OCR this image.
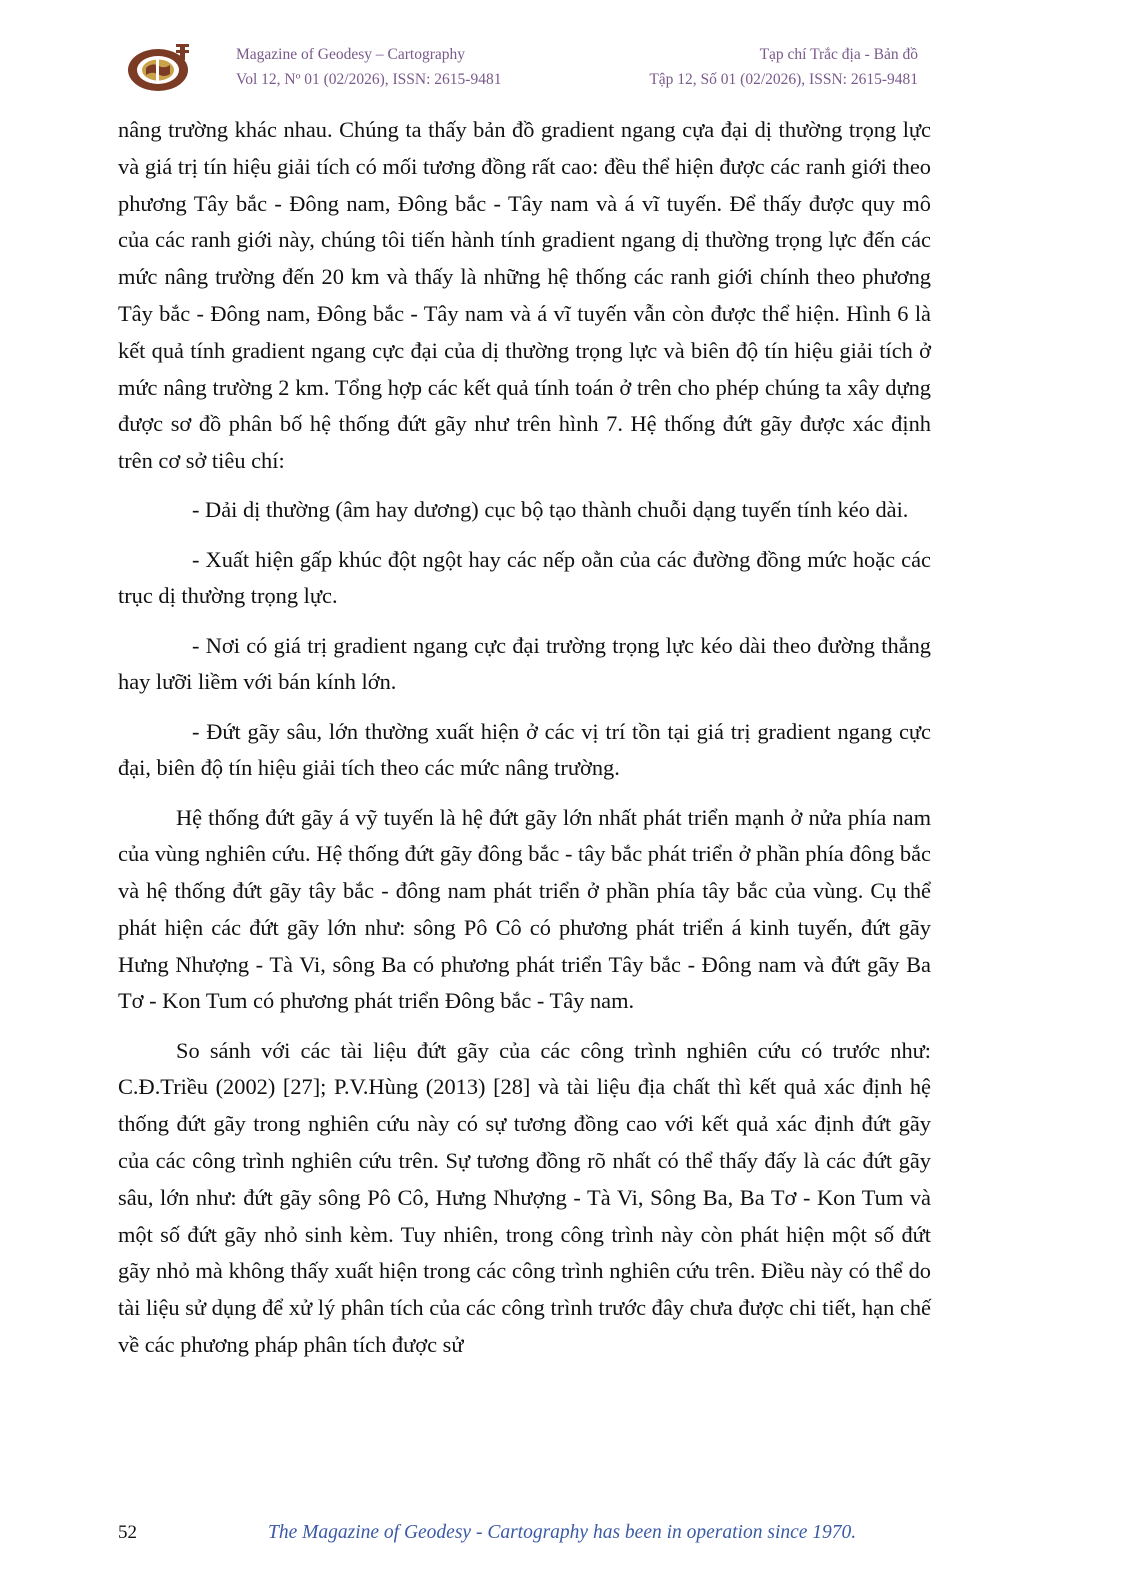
Magazine of Geodesy – Cartography
Vol 12, Nº 01 (02/2026), ISSN: 2615-9481
Tạp chí Trắc địa - Bản đồ
Tập 12, Số 01 (02/2026), ISSN: 2615-9481

nâng trường khác nhau. Chúng ta thấy bản đồ gradient ngang cựa đại dị thường trọng lực và giá trị tín hiệu giải tích có mối tương đồng rất cao: đều thể hiện được các ranh giới theo phương Tây bắc - Đông nam, Đông bắc - Tây nam và á vĩ tuyến. Để thấy được quy mô của các ranh giới này, chúng tôi tiến hành tính gradient ngang dị thường trọng lực đến các mức nâng trường đến 20 km và thấy là những hệ thống các ranh giới chính theo phương Tây bắc - Đông nam, Đông bắc - Tây nam và á vĩ tuyến vẫn còn được thể hiện. Hình 6 là kết quả tính gradient ngang cực đại của dị thường trọng lực và biên độ tín hiệu giải tích ở mức nâng trường 2 km. Tổng hợp các kết quả tính toán ở trên cho phép chúng ta xây dựng được sơ đồ phân bố hệ thống đứt gãy như trên hình 7. Hệ thống đứt gãy được xác định trên cơ sở tiêu chí:

- Dải dị thường (âm hay dương) cục bộ tạo thành chuỗi dạng tuyến tính kéo dài.

- Xuất hiện gấp khúc đột ngột hay các nếp oằn của các đường đồng mức hoặc các trục dị thường trọng lực.

- Nơi có giá trị gradient ngang cực đại trường trọng lực kéo dài theo đường thẳng hay lưỡi liềm với bán kính lớn.

- Đứt gãy sâu, lớn thường xuất hiện ở các vị trí tồn tại giá trị gradient ngang cực đại, biên độ tín hiệu giải tích theo các mức nâng trường.

Hệ thống đứt gãy á vỹ tuyến là hệ đứt gãy lớn nhất phát triển mạnh ở nửa phía nam của vùng nghiên cứu. Hệ thống đứt gãy đông bắc - tây bắc phát triển ở phần phía đông bắc và hệ thống đứt gãy tây bắc - đông nam phát triển ở phần phía tây bắc của vùng. Cụ thể phát hiện các đứt gãy lớn như: sông Pô Cô có phương phát triển á kinh tuyến, đứt gãy Hưng Nhượng - Tà Vi, sông Ba có phương phát triển Tây bắc - Đông nam và đứt gãy Ba Tơ - Kon Tum có phương phát triển Đông bắc - Tây nam.

So sánh với các tài liệu đứt gãy của các công trình nghiên cứu có trước như: C.Đ.Triều (2002) [27]; P.V.Hùng (2013) [28] và tài liệu địa chất thì kết quả xác định hệ thống đứt gãy trong nghiên cứu này có sự tương đồng cao với kết quả xác định đứt gãy của các công trình nghiên cứu trên. Sự tương đồng rõ nhất có thể thấy đấy là các đứt gãy sâu, lớn như: đứt gãy sông Pô Cô, Hưng Nhượng - Tà Vi, Sông Ba, Ba Tơ - Kon Tum và một số đứt gãy nhỏ sinh kèm. Tuy nhiên, trong công trình này còn phát hiện một số đứt gãy nhỏ mà không thấy xuất hiện trong các công trình nghiên cứu trên. Điều này có thể do tài liệu sử dụng để xử lý phân tích của các công trình trước đây chưa được chi tiết, hạn chế về các phương pháp phân tích được sử

52	The Magazine of Geodesy - Cartography has been in operation since 1970.
